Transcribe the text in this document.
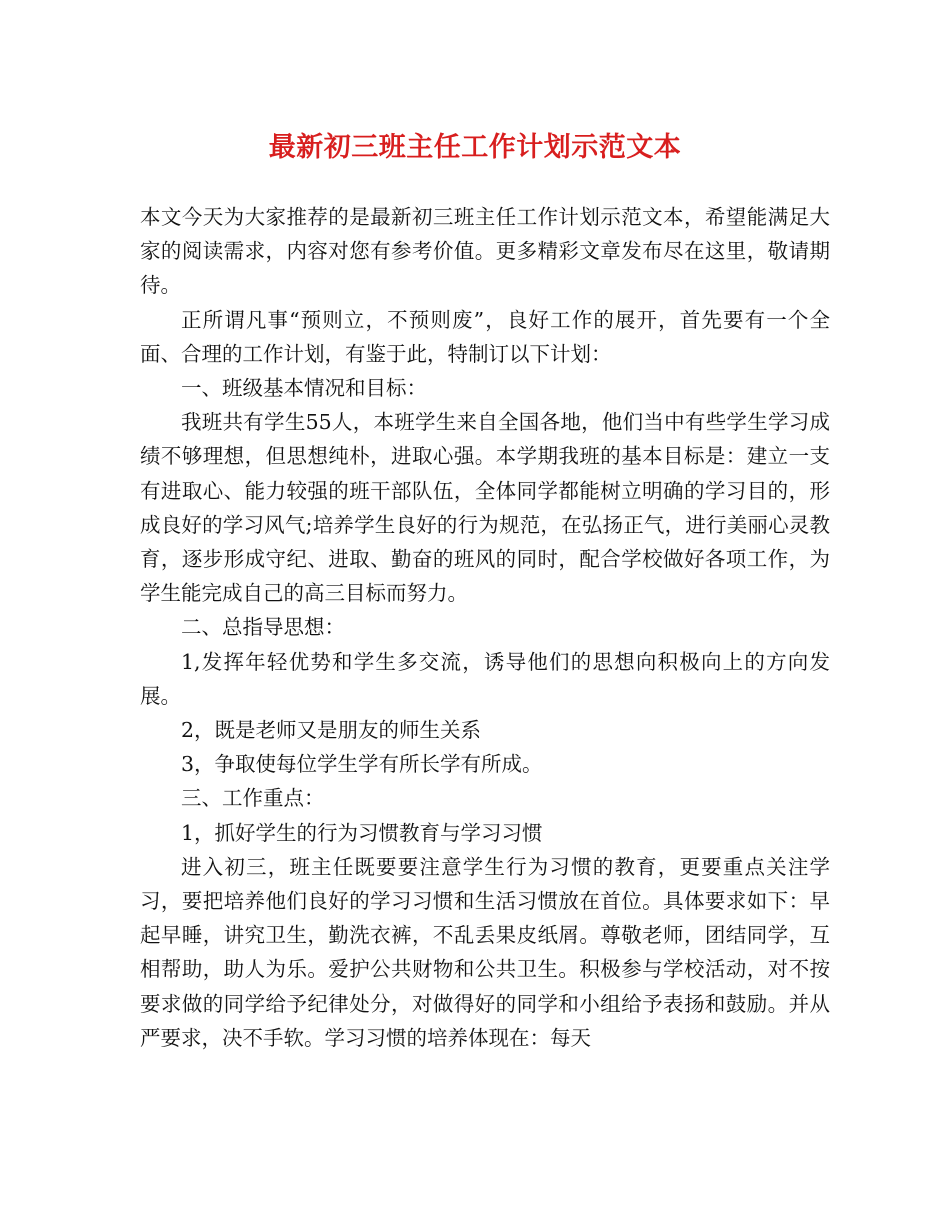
最新初三班主任工作计划示范文本

本文今天为大家推荐的是最新初三班主任工作计划示范文本，希望能满足大家的阅读需求，内容对您有参考价值。更多精彩文章发布尽在这里，敬请期待。

正所谓凡事“预则立，不预则废”，良好工作的展开，首先要有一个全面、合理的工作计划，有鉴于此，特制订以下计划：

一、班级基本情况和目标：

我班共有学生55人，本班学生来自全国各地，他们当中有些学生学习成绩不够理想，但思想纯朴，进取心强。本学期我班的基本目标是：建立一支有进取心、能力较强的班干部队伍，全体同学都能树立明确的学习目的，形成良好的学习风气;培养学生良好的行为规范，在弘扬正气，进行美丽心灵教育，逐步形成守纪、进取、勤奋的班风的同时，配合学校做好各项工作，为学生能完成自己的高三目标而努力。

二、总指导思想：

1,发挥年轻优势和学生多交流，诱导他们的思想向积极向上的方向发展。

2，既是老师又是朋友的师生关系

3，争取使每位学生学有所长学有所成。

三、工作重点：

1，抓好学生的行为习惯教育与学习习惯

进入初三，班主任既要要注意学生行为习惯的教育，更要重点关注学习，要把培养他们良好的学习习惯和生活习惯放在首位。具体要求如下：早起早睡，讲究卫生，勤洗衣裤，不乱丢果皮纸屑。尊敬老师，团结同学，互相帮助，助人为乐。爱护公共财物和公共卫生。积极参与学校活动，对不按要求做的同学给予纪律处分，对做得好的同学和小组给予表扬和鼓励。并从严要求，决不手软。学习习惯的培养体现在：每天
